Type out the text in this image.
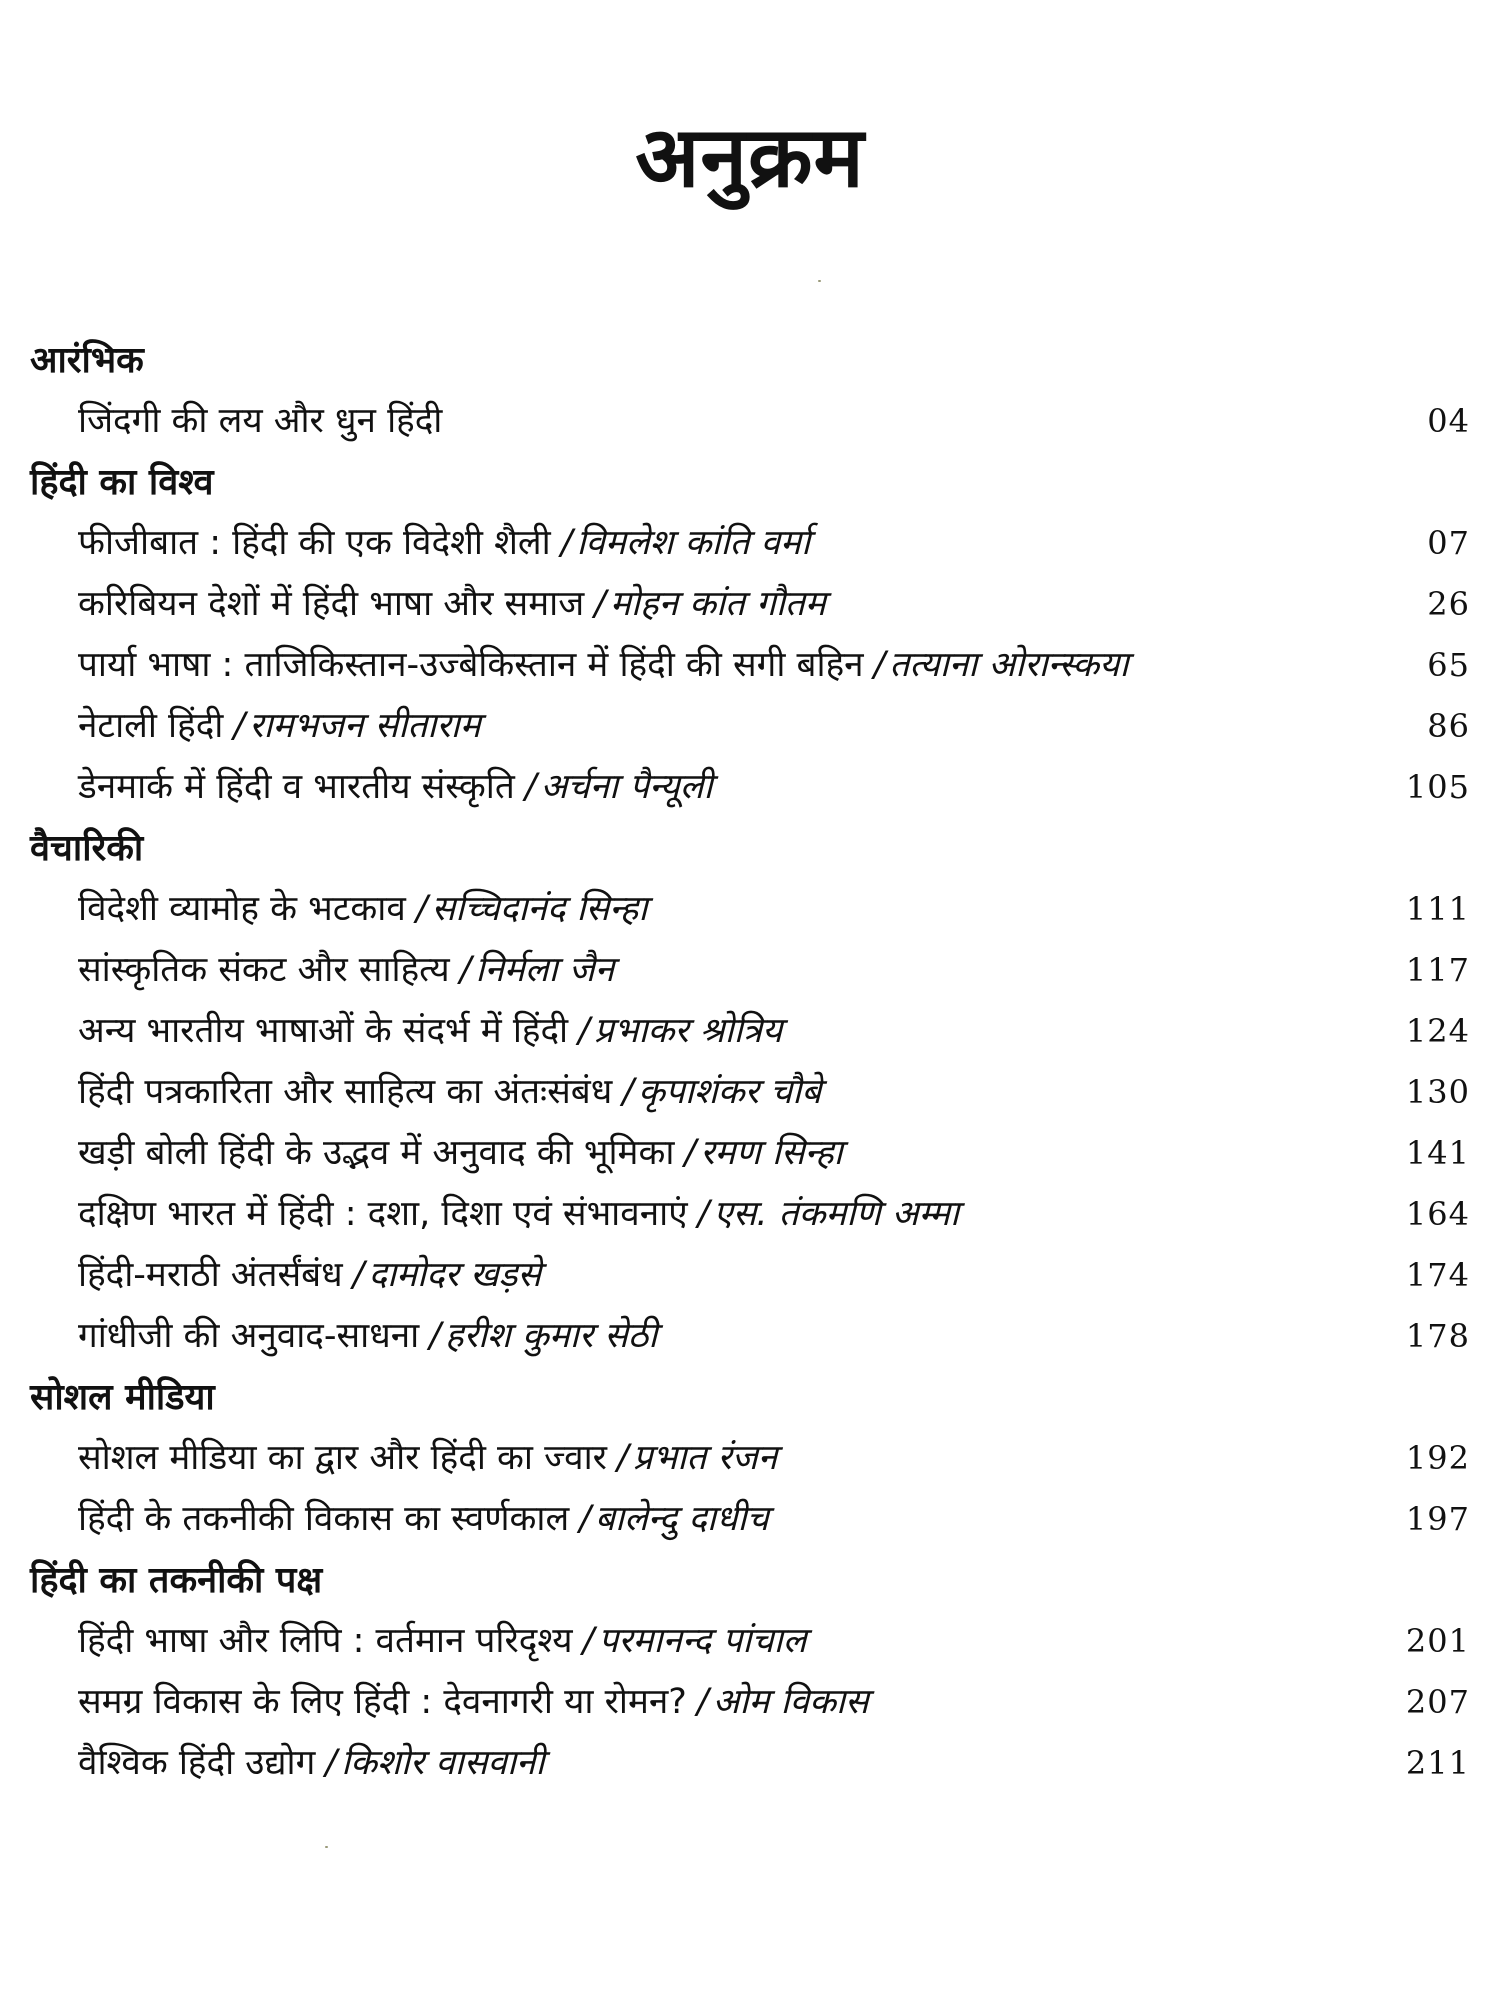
अनुक्रम
आरंभिक
जिंदगी की लय और धुन हिंदी	04
हिंदी का विश्व
फीजीबात : हिंदी की एक विदेशी शैली / विमलेश कांति वर्मा	07
करिबियन देशों में हिंदी भाषा और समाज / मोहन कांत गौतम	26
पार्या भाषा : ताजिकिस्तान-उज्बेकिस्तान में हिंदी की सगी बहिन / तत्याना ओरान्स्कया	65
नेटाली हिंदी / रामभजन सीताराम	86
डेनमार्क में हिंदी व भारतीय संस्कृति / अर्चना पैन्यूली	105
वैचारिकी
विदेशी व्यामोह के भटकाव / सच्चिदानंद सिन्हा	111
सांस्कृतिक संकट और साहित्य / निर्मला जैन	117
अन्य भारतीय भाषाओं के संदर्भ में हिंदी / प्रभाकर श्रोत्रिय	124
हिंदी पत्रकारिता और साहित्य का अंतःसंबंध / कृपाशंकर चौबे	130
खड़ी बोली हिंदी के उद्भव में अनुवाद की भूमिका / रमण सिन्हा	141
दक्षिण भारत में हिंदी : दशा, दिशा एवं संभावनाएं / एस. तंकमणि अम्मा	164
हिंदी-मराठी अंतर्संबंध / दामोदर खड़से	174
गांधीजी की अनुवाद-साधना / हरीश कुमार सेठी	178
सोशल मीडिया
सोशल मीडिया का द्वार और हिंदी का ज्वार / प्रभात रंजन	192
हिंदी के तकनीकी विकास का स्वर्णकाल / बालेन्दु दाधीच	197
हिंदी का तकनीकी पक्ष
हिंदी भाषा और लिपि : वर्तमान परिदृश्य / परमानन्द पांचाल	201
समग्र विकास के लिए हिंदी : देवनागरी या रोमन? / ओम विकास	207
वैश्विक हिंदी उद्योग / किशोर वासवानी	211
